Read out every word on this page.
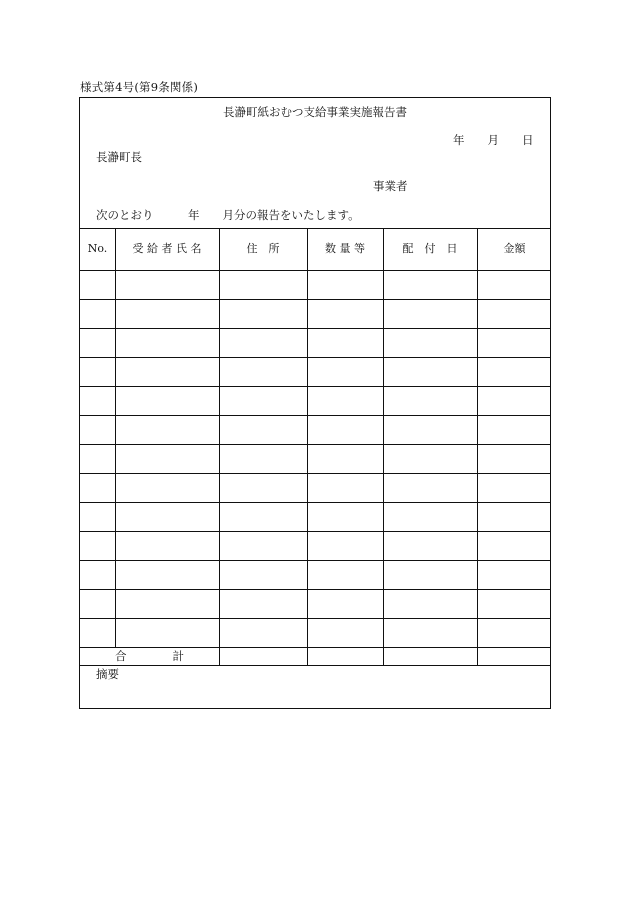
様式第4号(第9条関係)
長瀞町紙おむつ支給事業実施報告書
年　　月　　日
長瀞町長
事業者
次のとおり　　　年　　月分の報告をいたします。
No.	受 給 者 氏 名	住　所	数 量 等	配　付　日	金額
合　　　　計
摘要
